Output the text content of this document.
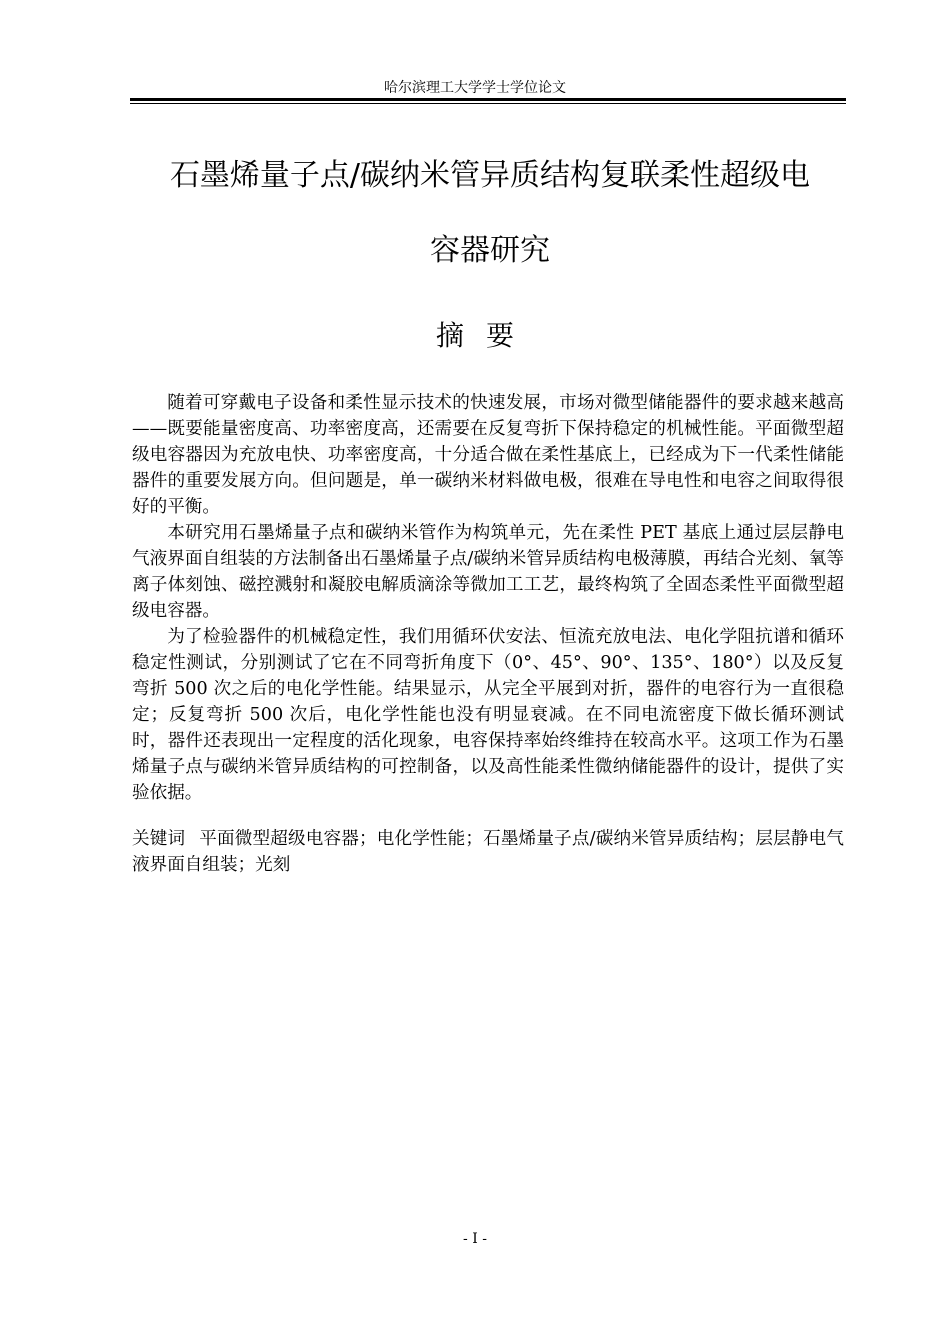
哈尔滨理工大学学士学位论文
石墨烯量子点/碳纳米管异质结构复联柔性超级电
容器研究
摘要

随着可穿戴电子设备和柔性显示技术的快速发展，市场对微型储能器件的要求越来越高——既要能量密度高、功率密度高，还需要在反复弯折下保持稳定的机械性能。平面微型超级电容器因为充放电快、功率密度高，十分适合做在柔性基底上，已经成为下一代柔性储能器件的重要发展方向。但问题是，单一碳纳米材料做电极，很难在导电性和电容之间取得很好的平衡。

本研究用石墨烯量子点和碳纳米管作为构筑单元，先在柔性 PET 基底上通过层层静电气液界面自组装的方法制备出石墨烯量子点/碳纳米管异质结构电极薄膜，再结合光刻、氧等离子体刻蚀、磁控溅射和凝胶电解质滴涂等微加工工艺，最终构筑了全固态柔性平面微型超级电容器。

为了检验器件的机械稳定性，我们用循环伏安法、恒流充放电法、电化学阻抗谱和循环稳定性测试，分别测试了它在不同弯折角度下（0°、45°、90°、135°、180°）以及反复弯折 500 次之后的电化学性能。结果显示，从完全平展到对折，器件的电容行为一直很稳定；反复弯折 500 次后，电化学性能也没有明显衰减。在不同电流密度下做长循环测试时，器件还表现出一定程度的活化现象，电容保持率始终维持在较高水平。这项工作为石墨烯量子点与碳纳米管异质结构的可控制备，以及高性能柔性微纳储能器件的设计，提供了实验依据。

关键词 平面微型超级电容器；电化学性能；石墨烯量子点/碳纳米管异质结构；层层静电气液界面自组装；光刻

- I -
